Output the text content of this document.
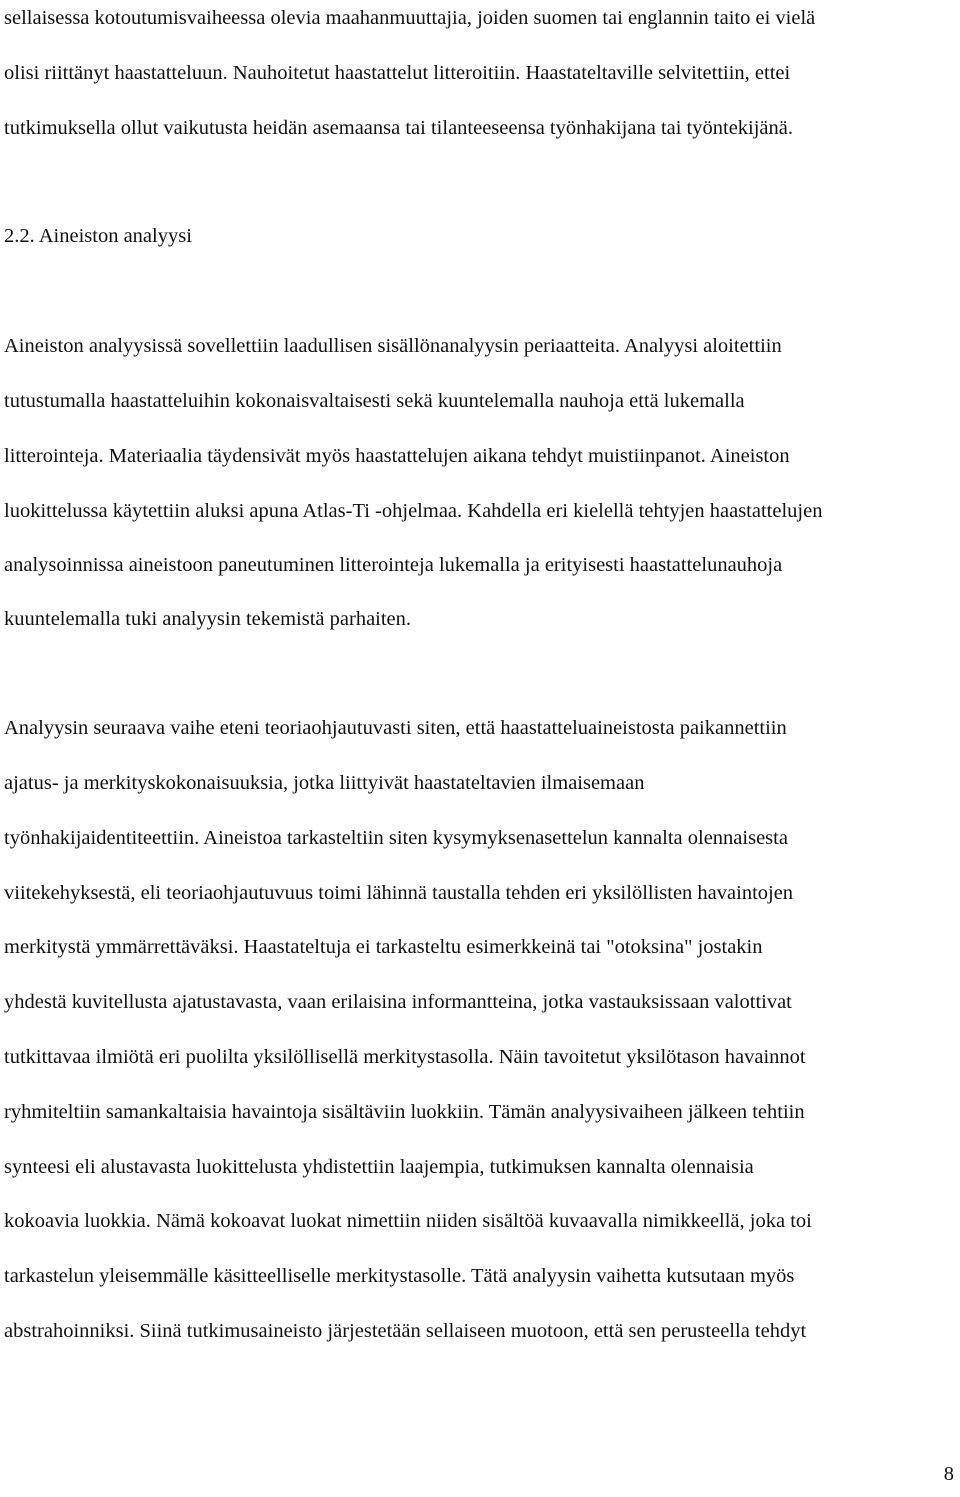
sellaisessa kotoutumisvaiheessa olevia maahanmuuttajia, joiden suomen tai englannin taito ei vielä
olisi riittänyt haastatteluun. Nauhoitetut haastattelut litteroitiin. Haastateltaville selvitettiin, ettei
tutkimuksella ollut vaikutusta heidän asemaansa tai tilanteeseensa työnhakijana tai työntekijänä.
2.2. Aineiston analyysi
Aineiston analyysissä sovellettiin laadullisen sisällönanalyysin periaatteita. Analyysi aloitettiin
tutustumalla haastatteluihin kokonaisvaltaisesti sekä kuuntelemalla nauhoja että lukemalla
litterointeja. Materiaalia täydensivät myös haastattelujen aikana tehdyt muistiinpanot. Aineiston
luokittelussa käytettiin aluksi apuna Atlas-Ti -ohjelmaa. Kahdella eri kielellä tehtyjen haastattelujen
analysoinnissa aineistoon paneutuminen litterointeja lukemalla ja erityisesti haastattelunauhoja
kuuntelemalla tuki analyysin tekemistä parhaiten.
Analyysin seuraava vaihe eteni teoriaohjautuvasti siten, että haastatteluaineistosta paikannettiin
ajatus- ja merkityskokonaisuuksia, jotka liittyivät haastateltavien ilmaisemaan
työnhakijaidentiteettiin. Aineistoa tarkasteltiin siten kysymyksenasettelun kannalta olennaisesta
viitekehyksestä, eli teoriaohjautuvuus toimi lähinnä taustalla tehden eri yksilöllisten havaintojen
merkitystä ymmärrettäväksi. Haastateltuja ei tarkasteltu esimerkkeinä tai "otoksina" jostakin
yhdestä kuvitellusta ajatustavasta, vaan erilaisina informantteina, jotka vastauksissaan valottivat
tutkittavaa ilmiötä eri puolilta yksilöllisellä merkitystasolla. Näin tavoitetut yksilötason havainnot
ryhmiteltiin samankaltaisia havaintoja sisältäviin luokkiin. Tämän analyysivaiheen jälkeen tehtiin
synteesi eli alustavasta luokittelusta yhdistettiin laajempia, tutkimuksen kannalta olennaisia
kokoavia luokkia. Nämä kokoavat luokat nimettiin niiden sisältöä kuvaavalla nimikkeellä, joka toi
tarkastelun yleisemmälle käsitteelliselle merkitystasolle. Tätä analyysin vaihetta kutsutaan myös
abstrahoinniksi. Siinä tutkimusaineisto järjestetään sellaiseen muotoon, että sen perusteella tehdyt
8
